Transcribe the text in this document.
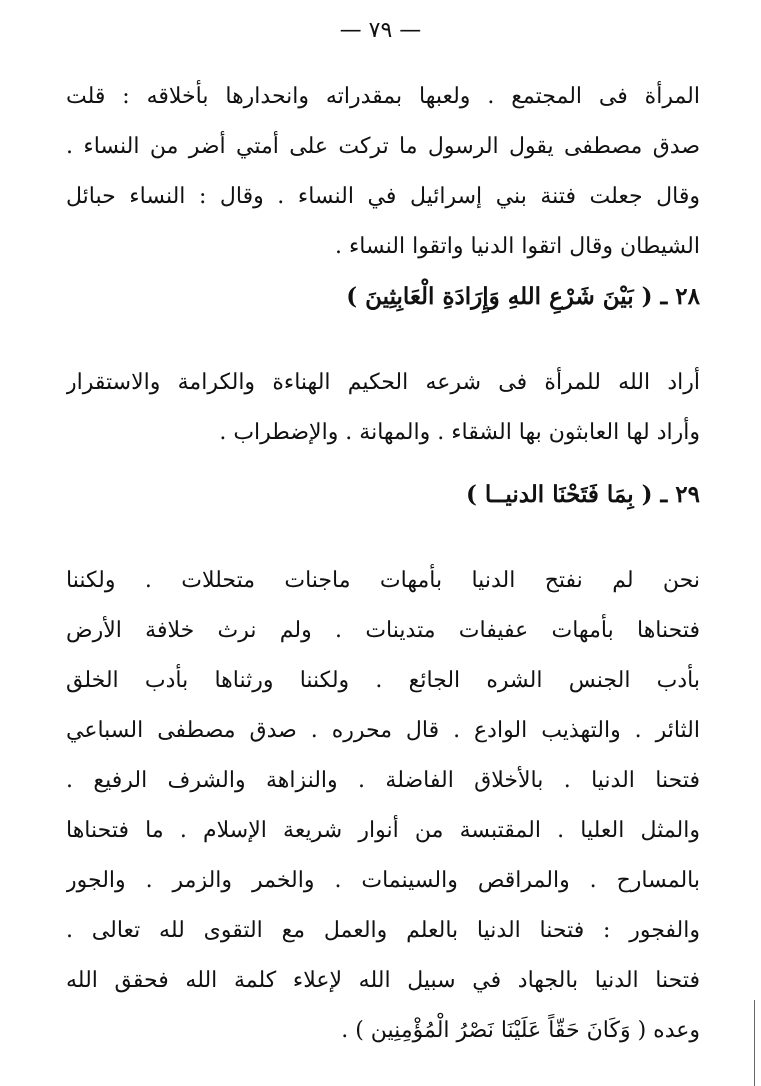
— ٧٩ —
المرأة فى المجتمع . ولعبها بمقدراته وانحدارها بأخلاقه : قلت
صدق مصطفى يقول الرسول ما تركت على أمتي أضر من النساء .
وقال جعلت فتنة بني إسرائيل في النساء . وقال : النساء حبائل
الشيطان وقال اتقوا الدنيا واتقوا النساء .
٢٨ ـ ( بَيْنَ شَرْعِ اللهِ وَإِرَادَةِ الْعَابِثِينَ )
أراد الله للمرأة فى شرعه الحكيم الهناءة والكرامة والاستقرار
وأراد لها العابثون بها الشقاء . والمهانة . والإضطراب .
٢٩ ـ ( بِمَا فَتَحْنَا الدنيــا )
نحن لم نفتح الدنيا بأمهات ماجنات متحللات . ولكننا
فتحناها بأمهات عفيفات متدينات . ولم نرث خلافة الأرض
بأدب الجنس الشره الجائع . ولكننا ورثناها بأدب الخلق
الثائر . والتهذيب الوادع . قال محرره . صدق مصطفى السباعي
فتحنا الدنيا . بالأخلاق الفاضلة . والنزاهة والشرف الرفيع .
والمثل العليا . المقتبسة من أنوار شريعة الإسلام . ما فتحناها
بالمسارح . والمراقص والسينمات . والخمر والزمر . والجور
والفجور : فتحنا الدنيا بالعلم والعمل مع التقوى لله تعالى .
فتحنا الدنيا بالجهاد في سبيل الله لإعلاء كلمة الله فحقق الله
وعده ( وَكَانَ حَقّاً عَلَيْنَا نَصْرُ الْمُؤْمِنِين ) .
